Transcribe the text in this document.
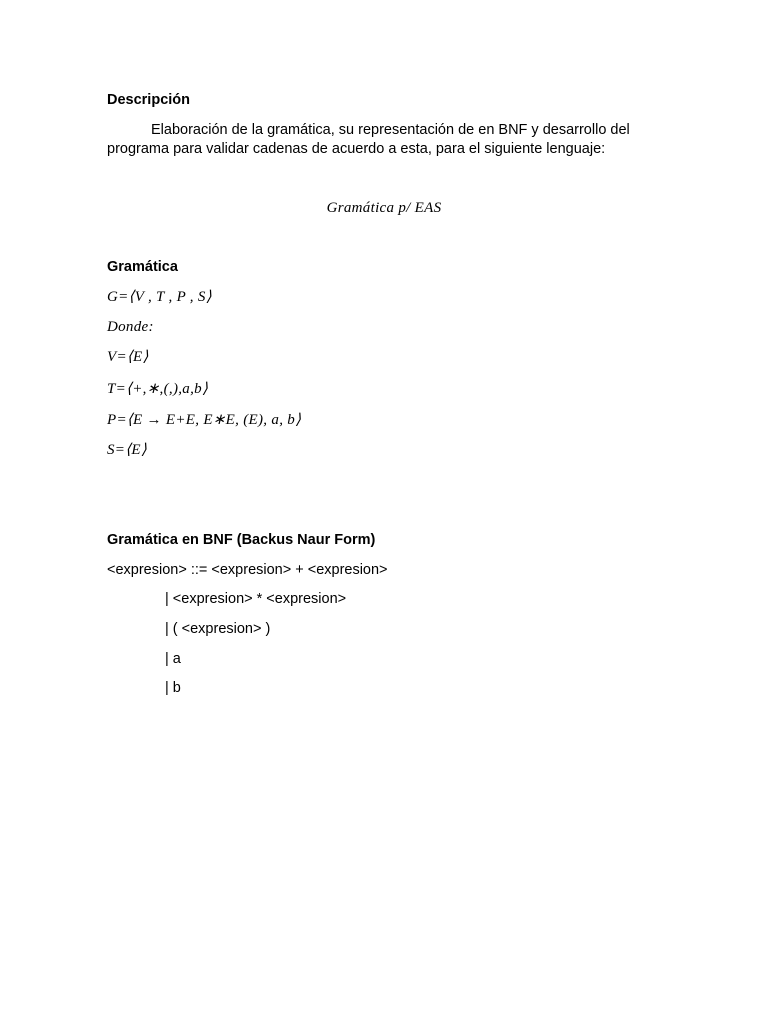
Descripción
Elaboración de la gramática, su representación de en BNF y desarrollo del
programa para validar cadenas de acuerdo a esta, para el siguiente lenguaje:
Gramática p/ EAS
Gramática
G=⟨V , T , P , S⟩
Donde:
V=⟨E⟩
T=⟨+,∗,(,),a,b⟩
P=⟨E → E+E, E∗E, (E), a, b⟩
S=⟨E⟩
Gramática en BNF (Backus Naur Form)
<expresion> ::= <expresion> + <expresion>
| <expresion> * <expresion>
| ( <expresion> )
| a
| b
